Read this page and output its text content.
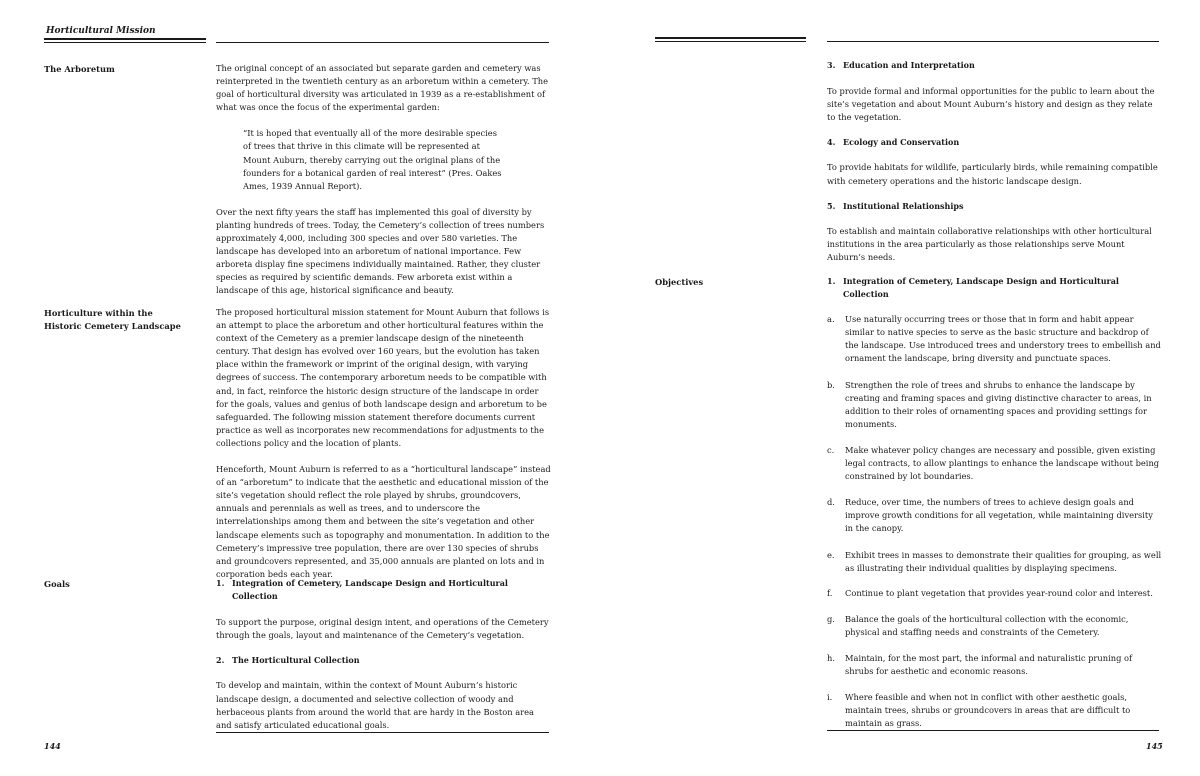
Horticultural Mission
The Arboretum	The original concept of an associated but separate garden and cemetery was reinterpreted in the twentieth century as an arboretum within a cemetery. The goal of horticultural diversity was articulated in 1939 as a re-establishment of what was once the focus of the experimental garden:

“It is hoped that eventually all of the more desirable species of trees that thrive in this climate will be represented at Mount Auburn, thereby carrying out the original plans of the founders for a botanical garden of real interest” (Pres. Oakes Ames, 1939 Annual Report).

Over the next fifty years the staff has implemented this goal of diversity by planting hundreds of trees. Today, the Cemetery’s collection of trees numbers approximately 4,000, including 300 species and over 580 varieties. The landscape has developed into an arboretum of national importance. Few arboreta display fine specimens individually maintained. Rather, they cluster species as required by scientific demands. Few arboreta exist within a landscape of this age, historical significance and beauty.

Horticulture within the Historic Cemetery Landscape

The proposed horticultural mission statement for Mount Auburn that follows is an attempt to place the arboretum and other horticultural features within the context of the Cemetery as a premier landscape design of the nineteenth century. That design has evolved over 160 years, but the evolution has taken place within the framework or imprint of the original design, with varying degrees of success. The contemporary arboretum needs to be compatible with and, in fact, reinforce the historic design structure of the landscape in order for the goals, values and genius of both landscape design and arboretum to be safeguarded. The following mission statement therefore documents current practice as well as incorporates new recommendations for adjustments to the collections policy and the location of plants.

Henceforth, Mount Auburn is referred to as a “horticultural landscape” instead of an “arboretum” to indicate that the aesthetic and educational mission of the site’s vegetation should reflect the role played by shrubs, groundcovers, annuals and perennials as well as trees, and to underscore the interrelationships among them and between the site’s vegetation and other landscape elements such as topography and monumentation. In addition to the Cemetery’s impressive tree population, there are over 130 species of shrubs and groundcovers represented, and 35,000 annuals are planted on lots and in corporation beds each year.

Goals	1. Integration of Cemetery, Landscape Design and Horticultural Collection

To support the purpose, original design intent, and operations of the Cemetery through the goals, layout and maintenance of the Cemetery’s vegetation.

2. The Horticultural Collection

To develop and maintain, within the context of Mount Auburn’s historic landscape design, a documented and selective collection of woody and herbaceous plants from around the world that are hardy in the Boston area and satisfy articulated educational goals.

144
3. Education and Interpretation

To provide formal and informal opportunities for the public to learn about the site’s vegetation and about Mount Auburn’s history and design as they relate to the vegetation.

4. Ecology and Conservation

To provide habitats for wildlife, particularly birds, while remaining compatible with cemetery operations and the historic landscape design.

5. Institutional Relationships

To establish and maintain collaborative relationships with other horticultural institutions in the area particularly as those relationships serve Mount Auburn’s needs.

Objectives	1. Integration of Cemetery, Landscape Design and Horticultural Collection
a.	Use naturally occurring trees or those that in form and habit appear similar to native species to serve as the basic structure and backdrop of the landscape. Use introduced trees and understory trees to embellish and ornament the landscape, bring diversity and punctuate spaces.
b.	Strengthen the role of trees and shrubs to enhance the landscape by creating and framing spaces and giving distinctive character to areas, in addition to their roles of ornamenting spaces and providing settings for monuments.
c.	Make whatever policy changes are necessary and possible, given existing legal contracts, to allow plantings to enhance the landscape without being constrained by lot boundaries.
d.	Reduce, over time, the numbers of trees to achieve design goals and improve growth conditions for all vegetation, while maintaining diversity in the canopy.
e.	Exhibit trees in masses to demonstrate their qualities for grouping, as well as illustrating their individual qualities by displaying specimens.
f.	Continue to plant vegetation that provides year-round color and interest.
g.	Balance the goals of the horticultural collection with the economic, physical and staffing needs and constraints of the Cemetery.
h.	Maintain, for the most part, the informal and naturalistic pruning of shrubs for aesthetic and economic reasons.
i.	Where feasible and when not in conflict with other aesthetic goals, maintain trees, shrubs or groundcovers in areas that are difficult to maintain as grass.
145
